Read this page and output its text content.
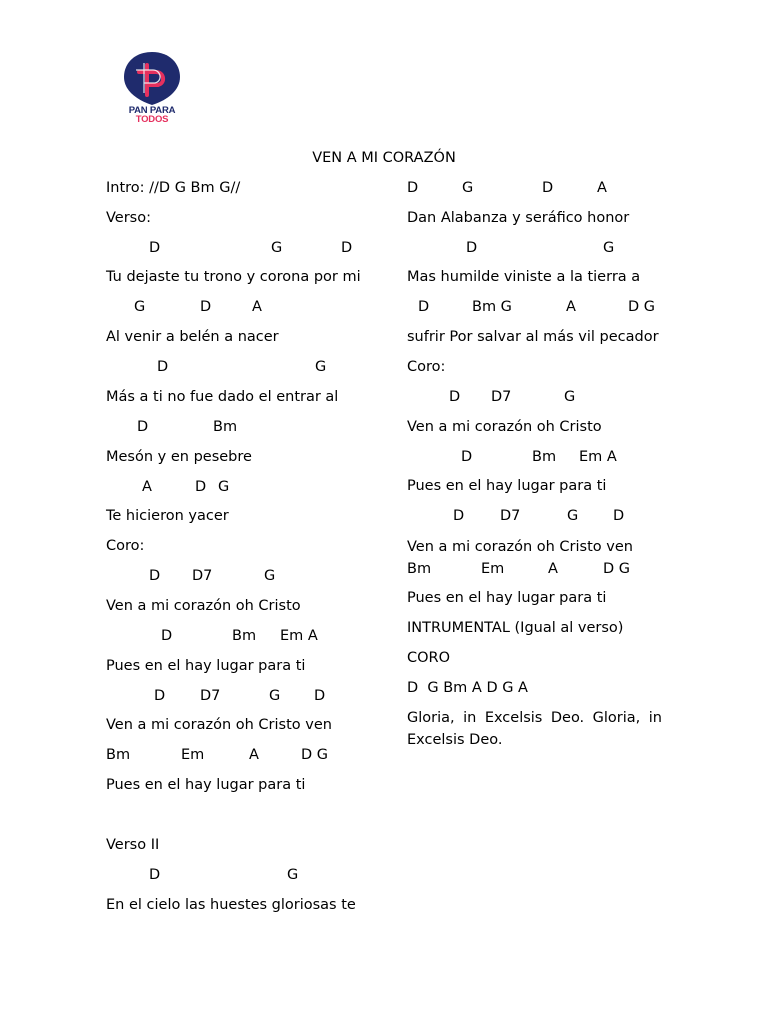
PAN PARA
TODOS
VEN A MI CORAZÓN
Intro: //D G Bm G//
Verso:
D	G	D
Tu dejaste tu trono y corona por mi
G	D	A
Al venir a belén a nacer
D	G
Más a ti no fue dado el entrar al
D	Bm
Mesón y en pesebre
A	D G
Te hicieron yacer
Coro:
D D7	G
Ven a mi corazón oh Cristo
D	Bm Em A
Pues en el hay lugar para ti
D D7	G D
Ven a mi corazón oh Cristo ven
Bm	Em	A	D G
Pues en el hay lugar para ti
Verso II
D	G
En el cielo las huestes gloriosas te
D	G	D	A
Dan Alabanza y seráfico honor
D	G
Mas humilde viniste a la tierra a
D	Bm G	A	D G
sufrir Por salvar al más vil pecador
Coro:
D D7	G
Ven a mi corazón oh Cristo
D	Bm Em A
Pues en el hay lugar para ti
D D7	G D
Ven a mi corazón oh Cristo ven
Bm	Em	A	D G
Pues en el hay lugar para ti
INTRUMENTAL (Igual al verso)
CORO
D  G Bm A D G A
Gloria, in Excelsis Deo. Gloria, in Excelsis Deo.
